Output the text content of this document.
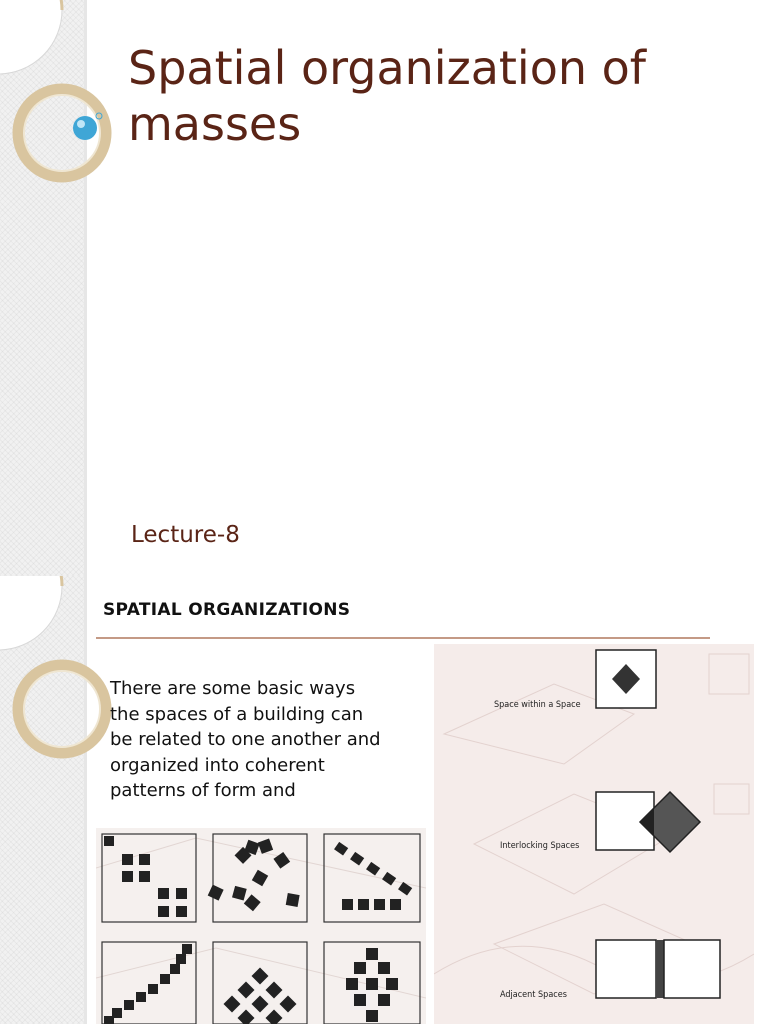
Spatial organization of masses
Lecture-8
SPATIAL ORGANIZATIONS
Space within a Space
Interlocking Spaces
Adjacent Spaces

There are some basic ways the spaces of a building can be related to one another and organized into coherent patterns of form and
